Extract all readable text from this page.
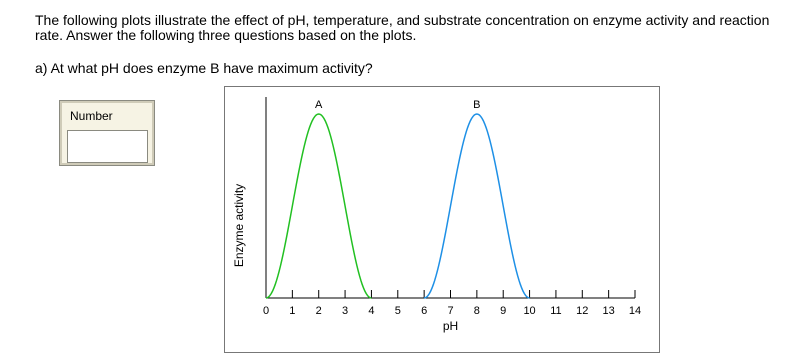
The following plots illustrate the effect of pH, temperature, and substrate concentration on enzyme activity and reaction rate. Answer the following three questions based on the plots.

a) At what pH does enzyme B have maximum activity?

Number
0 1 2 3 4 5 6 7 8 9 10 11 12 13 14
A	B
Enzyme activity
pH
